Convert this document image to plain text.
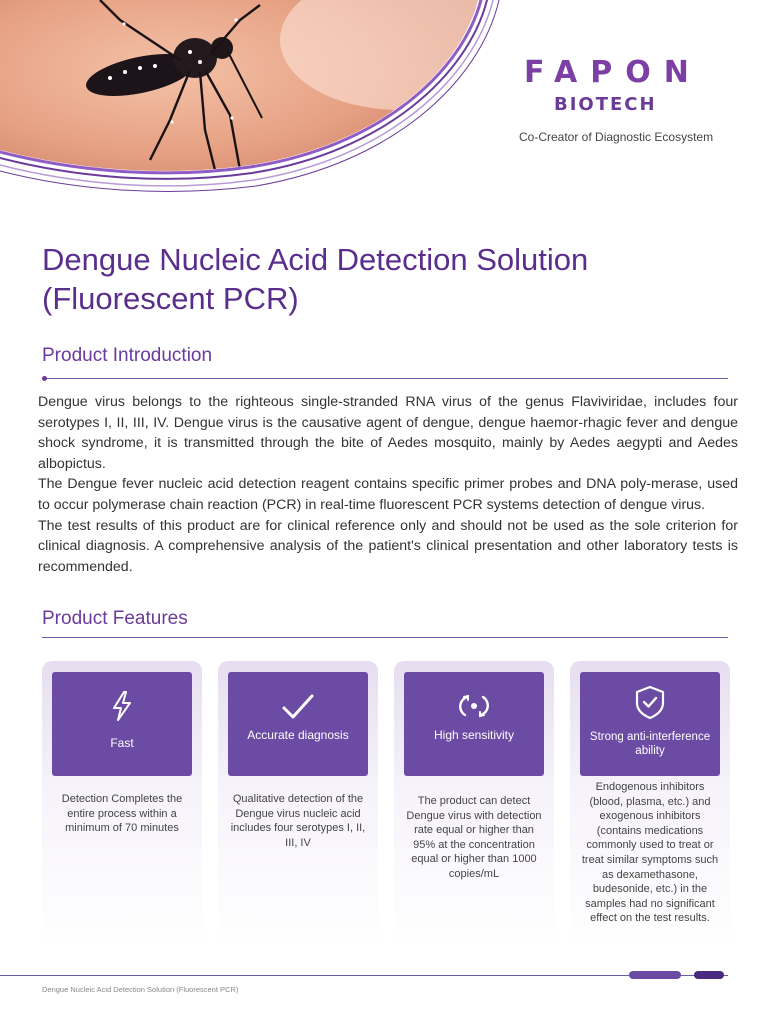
FAPON
BIOTECH
Co-Creator of Diagnostic Ecosystem
Dengue Nucleic Acid Detection Solution
(Fluorescent PCR)
Product Introduction

Dengue virus belongs to the righteous single-stranded RNA virus of the genus Flaviviridae, includes four serotypes I, II, III, IV. Dengue virus is the causative agent of dengue, dengue haemor-rhagic fever and dengue shock syndrome, it is transmitted through the bite of Aedes mosquito, mainly by Aedes aegypti and Aedes albopictus.

The Dengue fever nucleic acid detection reagent contains specific primer probes and DNA poly-merase, used to occur polymerase chain reaction (PCR) in real-time fluorescent PCR systems detection of dengue virus.

The test results of this product are for clinical reference only and should not be used as the sole criterion for clinical diagnosis. A comprehensive analysis of the patient's clinical presentation and other laboratory tests is recommended.

Product Features
Fast
Detection Completes the entire process within a minimum of 70 minutes
Accurate diagnosis
Qualitative detection of the Dengue virus nucleic acid includes four serotypes I, II, III, IV
High sensitivity
The product can detect Dengue virus with detection rate equal or higher than 95% at the concentration equal or higher than 1000 copies/mL
Strong anti-interference ability
Endogenous inhibitors (blood, plasma, etc.) and exogenous inhibitors (contains medications commonly used to treat or treat similar symptoms such as dexamethasone, budesonide, etc.) in the samples had no significant effect on the test results.
Dengue Nucleic Acid Detection Solution (Fluorescent PCR)
